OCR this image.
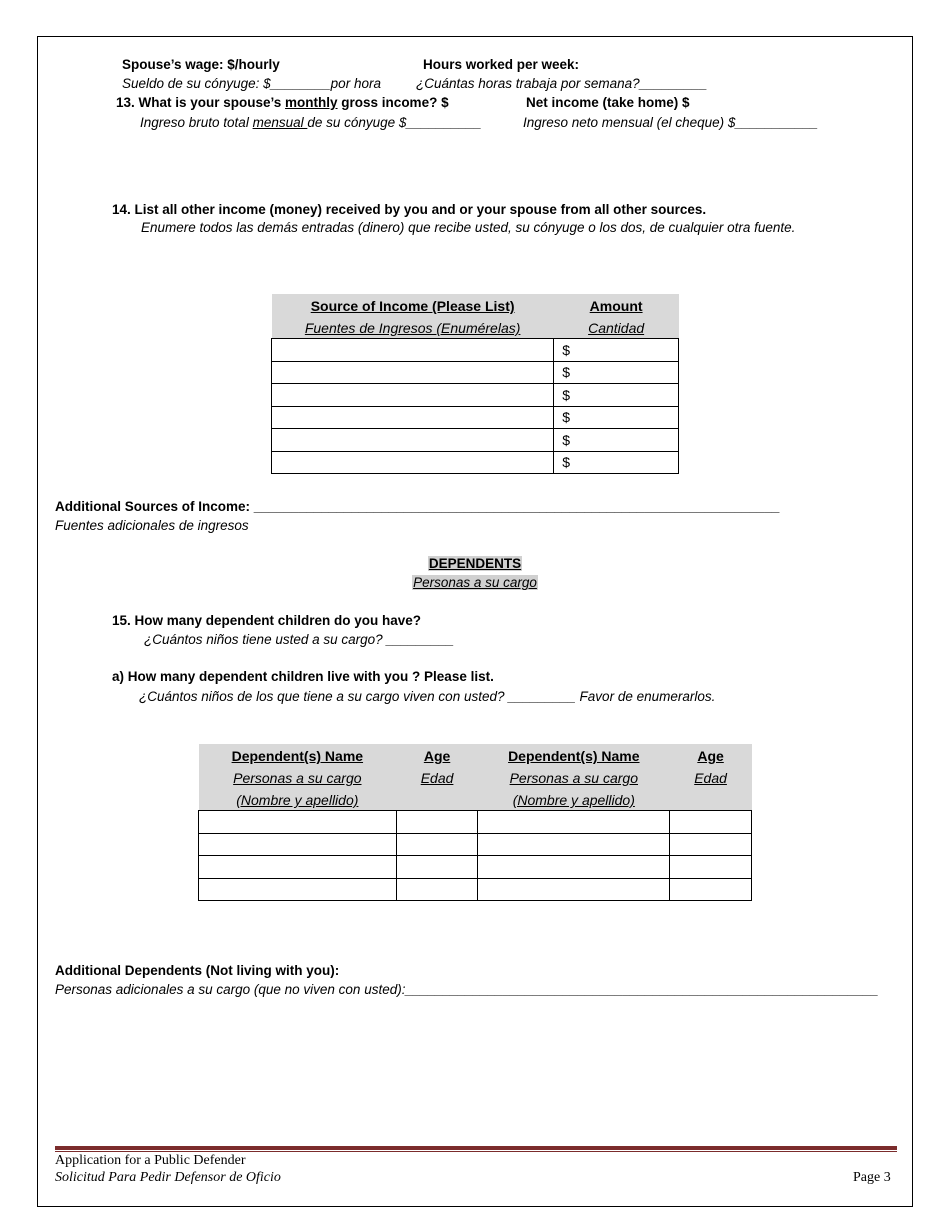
Spouse’s wage: $/hourly	Hours worked per week:
Sueldo de su cónyuge: $________por hora	¿Cuántas horas trabaja por semana?_________
13. What is your spouse’s monthly gross income? $	Net income (take home) $
Ingreso bruto total mensual de su cónyuge $__________	Ingreso neto mensual (el cheque) $___________
14. List all other income (money) received by you and or your spouse from all other sources.
Enumere todos las demás entradas (dinero) que recibe usted, su cónyuge o los dos, de cualquier otra fuente.
Source of Income (Please List)	Amount
Fuentes de Ingresos (Enumérelas)	Cantidad
	$
	$
	$
	$
	$
	$
Additional Sources of Income: ______________________________________________________________________
Fuentes adicionales de ingresos
DEPENDENTS
Personas a su cargo
15. How many dependent children do you have?
¿Cuántos niños tiene usted a su cargo? _________
a) How many dependent children live with you ? Please list.
¿Cuántos niños de los que tiene a su cargo viven con usted? _________ Favor de enumerarlos.
Dependent(s) Name	Age	Dependent(s) Name	Age
Personas a su cargo	Edad	Personas a su cargo	Edad
(Nombre y apellido)		(Nombre y apellido)	

Additional Dependents (Not living with you):
Personas adicionales a su cargo (que no viven con usted):_______________________________________________________________
Application for a Public Defender
Solicitud Para Pedir Defensor de Oficio	Page 3
